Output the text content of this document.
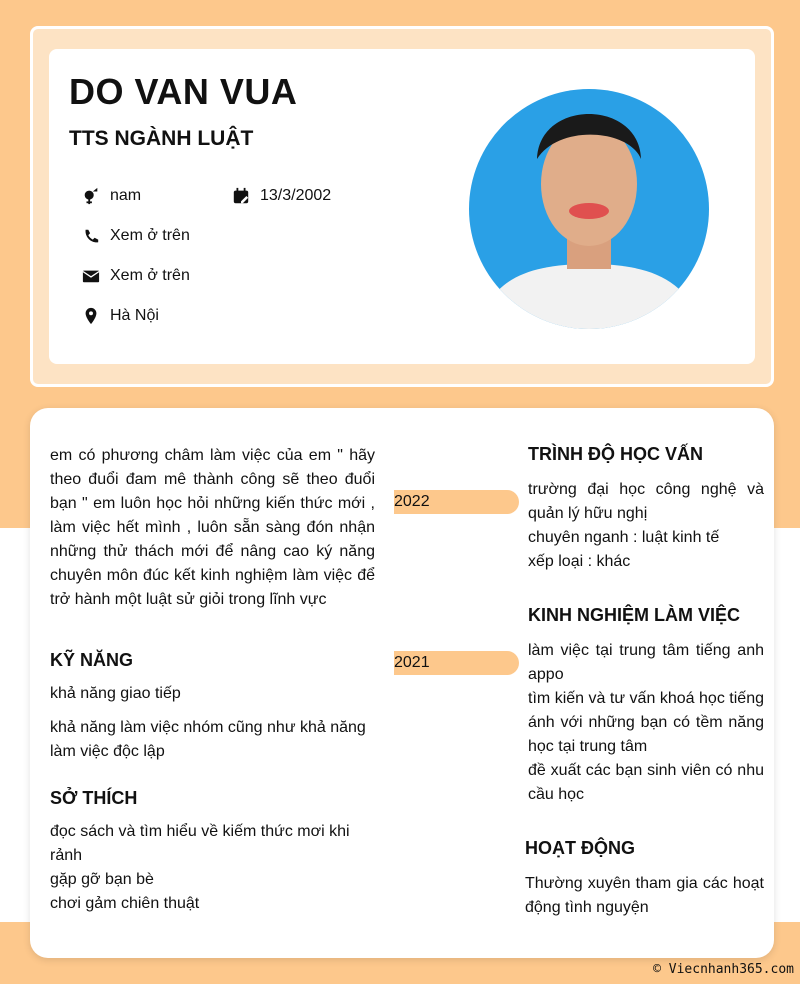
DO VAN VUA
TTS NGÀNH LUẬT
nam	13/3/2002
Xem ở trên
Xem ở trên
Hà Nội
em có phương châm làm việc của em " hãy theo đuổi đam mê thành công sẽ theo đuổi bạn " em luôn học hỏi những kiến thức mới , làm việc hết mình , luôn sẵn sàng đón nhận những thử thách mới để nâng cao ký năng chuyên môn đúc kết kinh nghiệm làm việc để trở hành một luật sử giỏi trong lĩnh vực
KỸ NĂNG
khả năng giao tiếp
khả năng làm việc nhóm cũng như khả năng làm việc độc lập
SỞ THÍCH
đọc sách và tìm hiểu về kiếm thức mơi khi rảnh
gặp gỡ bạn bè
chơi gảm chiên thuật
TRÌNH ĐỘ HỌC VẤN
2022
trường đại học công nghệ và quản lý hữu nghị
chuyên nganh : luật kinh tế
xếp loại : khác
KINH NGHIỆM LÀM VIỆC
2021
làm việc tại trung tâm tiếng anh appo
tìm kiến và tư vấn khoá học tiếng ánh với những bạn có tềm năng học tại trung tâm
đề xuất các bạn sinh viên có nhu cầu học
HOẠT ĐỘNG
Thường xuyên tham gia các hoạt động tình nguyện
© Viecnhanh365.com
